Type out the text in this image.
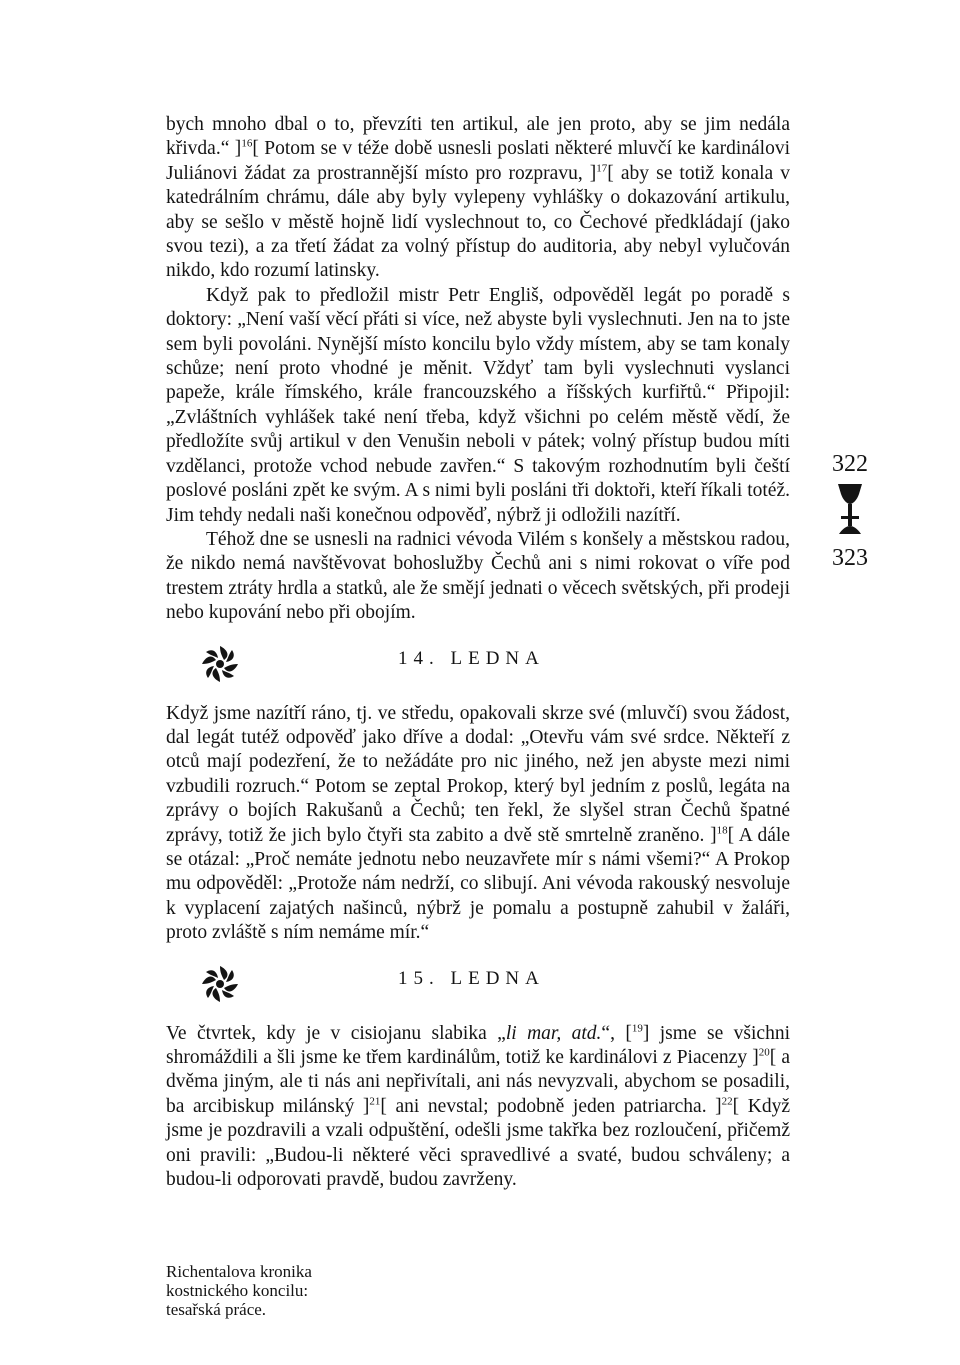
bych mnoho dbal o to, převzíti ten artikul, ale jen proto, aby se jim nedála křivda.“ ]$^{16}$[ Potom se v téže době usnesli poslati některé mluvčí ke kardinálovi Juliánovi žádat za prostrannější místo pro rozpravu, ]$^{17}$[ aby se totiž konala v katedrálním chrámu, dále aby byly vylepeny vyhlášky o dokazování artikulu, aby se sešlo v městě hojně lidí vyslechnout to, co Čechové předkládají (jako svou tezi), a za třetí žádat za volný přístup do auditoria, aby nebyl vylučován nikdo, kdo rozumí latinsky.

Když pak to předložil mistr Petr Engliš, odpověděl legát po poradě s doktory: „Není vaší věcí přáti si více, než abyste byli vyslechnuti. Jen na to jste sem byli povoláni. Nynější místo koncilu bylo vždy místem, aby se tam konaly schůze; není proto vhodné je měnit. Vždyť tam byli vyslechnuti vyslanci papeže, krále římského, krále francouzského a říšských kurfiřtů.“ Připojil: „Zvláštních vyhlášek také není třeba, když všichni po celém městě vědí, že předložíte svůj artikul v den Venušin neboli v pátek; volný přístup budou míti vzdělanci, protože vchod nebude zavřen.“ S takovým rozhodnutím byli čeští poslové posláni zpět ke svým. A s nimi byli posláni tři doktoři, kteří říkali totéž. Jim tehdy nedali naši konečnou odpověď, nýbrž ji odložili nazítří.

Téhož dne se usnesli na radnici vévoda Vilém s konšely a městskou radou, že nikdo nemá navštěvovat bohoslužby Čechů ani s nimi rokovat o víře pod trestem ztráty hrdla a statků, ale že smějí jednati o věcech světských, při prodeji nebo kupování nebo při obojím.

14. LEDNA

Když jsme nazítří ráno, tj. ve středu, opakovali skrze své (mluvčí) svou žádost, dal legát tutéž odpověď jako dříve a dodal: „Otevřu vám své srdce. Někteří z otců mají podezření, že to nežádáte pro nic jiného, než jen abyste mezi nimi vzbudili rozruch.“ Potom se zeptal Prokop, který byl jedním z poslů, legáta na zprávy o bojích Rakušanů a Čechů; ten řekl, že slyšel stran Čechů špatné zprávy, totiž že jich bylo čtyři sta zabito a dvě stě smrtelně zraněno. ]$^{18}$[ A dále se otázal: „Proč nemáte jednotu nebo neuzavřete mír s námi všemi?“ A Prokop mu odpověděl: „Protože nám nedrží, co slibují. Ani vévoda rakouský nesvoluje k vyplacení zajatých našinců, nýbrž je pomalu a postupně zahubil v žaláři, proto zvláště s ním nemáme mír.“

15. LEDNA

Ve čtvrtek, kdy je v cisiojanu slabika „li mar, atd.“, [$^{19}$] jsme se všichni shromáždili a šli jsme ke třem kardinálům, totiž ke kardinálovi z Piacenzy ]$^{20}$[ a dvěma jiným, ale ti nás ani nepřivítali, ani nás nevyzvali, abychom se posadili, ba arcibiskup milánský ]$^{21}$[ ani nevstal; podobně jeden patriarcha. ]$^{22}$[ Když jsme je pozdravili a vzali odpuštění, odešli jsme takřka bez rozloučení, přičemž oni pravili: „Budou-li některé věci spravedlivé a svaté, budou schváleny; a budou-li odporovati pravdě, budou zavrženy.

322
323
Richentalova kronika
kostnického koncilu:
tesařská práce.
